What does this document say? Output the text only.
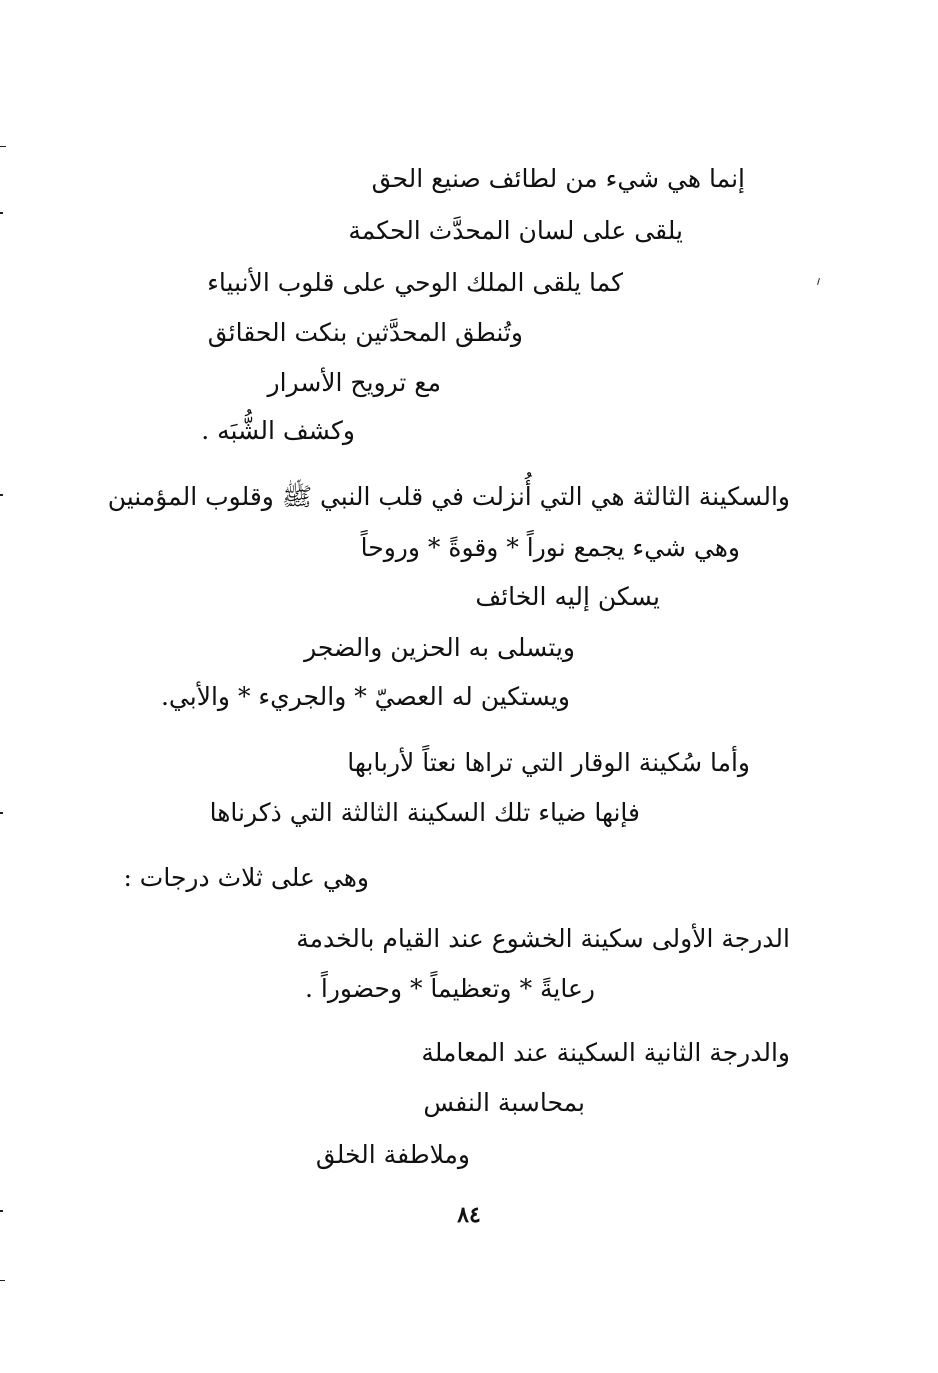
إنما هي شيء من لطائف صنيع الحق
يلقى على لسان المحدَّث الحكمة
كما يلقى الملك الوحي على قلوب الأنبياء
وتُنطق المحدَّثين بنكت الحقائق
مع ترويح الأسرار
وكشف الشُّبَه .
والسكينة الثالثة هي التي أُنزلت في قلب النبي ﷺ وقلوب المؤمنين
وهي شيء يجمع نوراً * وقوةً * وروحاً
يسكن إليه الخائف
ويتسلى به الحزين والضجر
ويستكين له العصيّ * والجريء * والأبي.
وأما سُكينة الوقار التي تراها نعتاً لأربابها
فإنها ضياء تلك السكينة الثالثة التي ذكرناها
وهي على ثلاث درجات :
الدرجة الأولى سكينة الخشوع عند القيام بالخدمة
رعايةً * وتعظيماً * وحضوراً .
والدرجة الثانية السكينة عند المعاملة
بمحاسبة النفس
وملاطفة الخلق
٨٤
